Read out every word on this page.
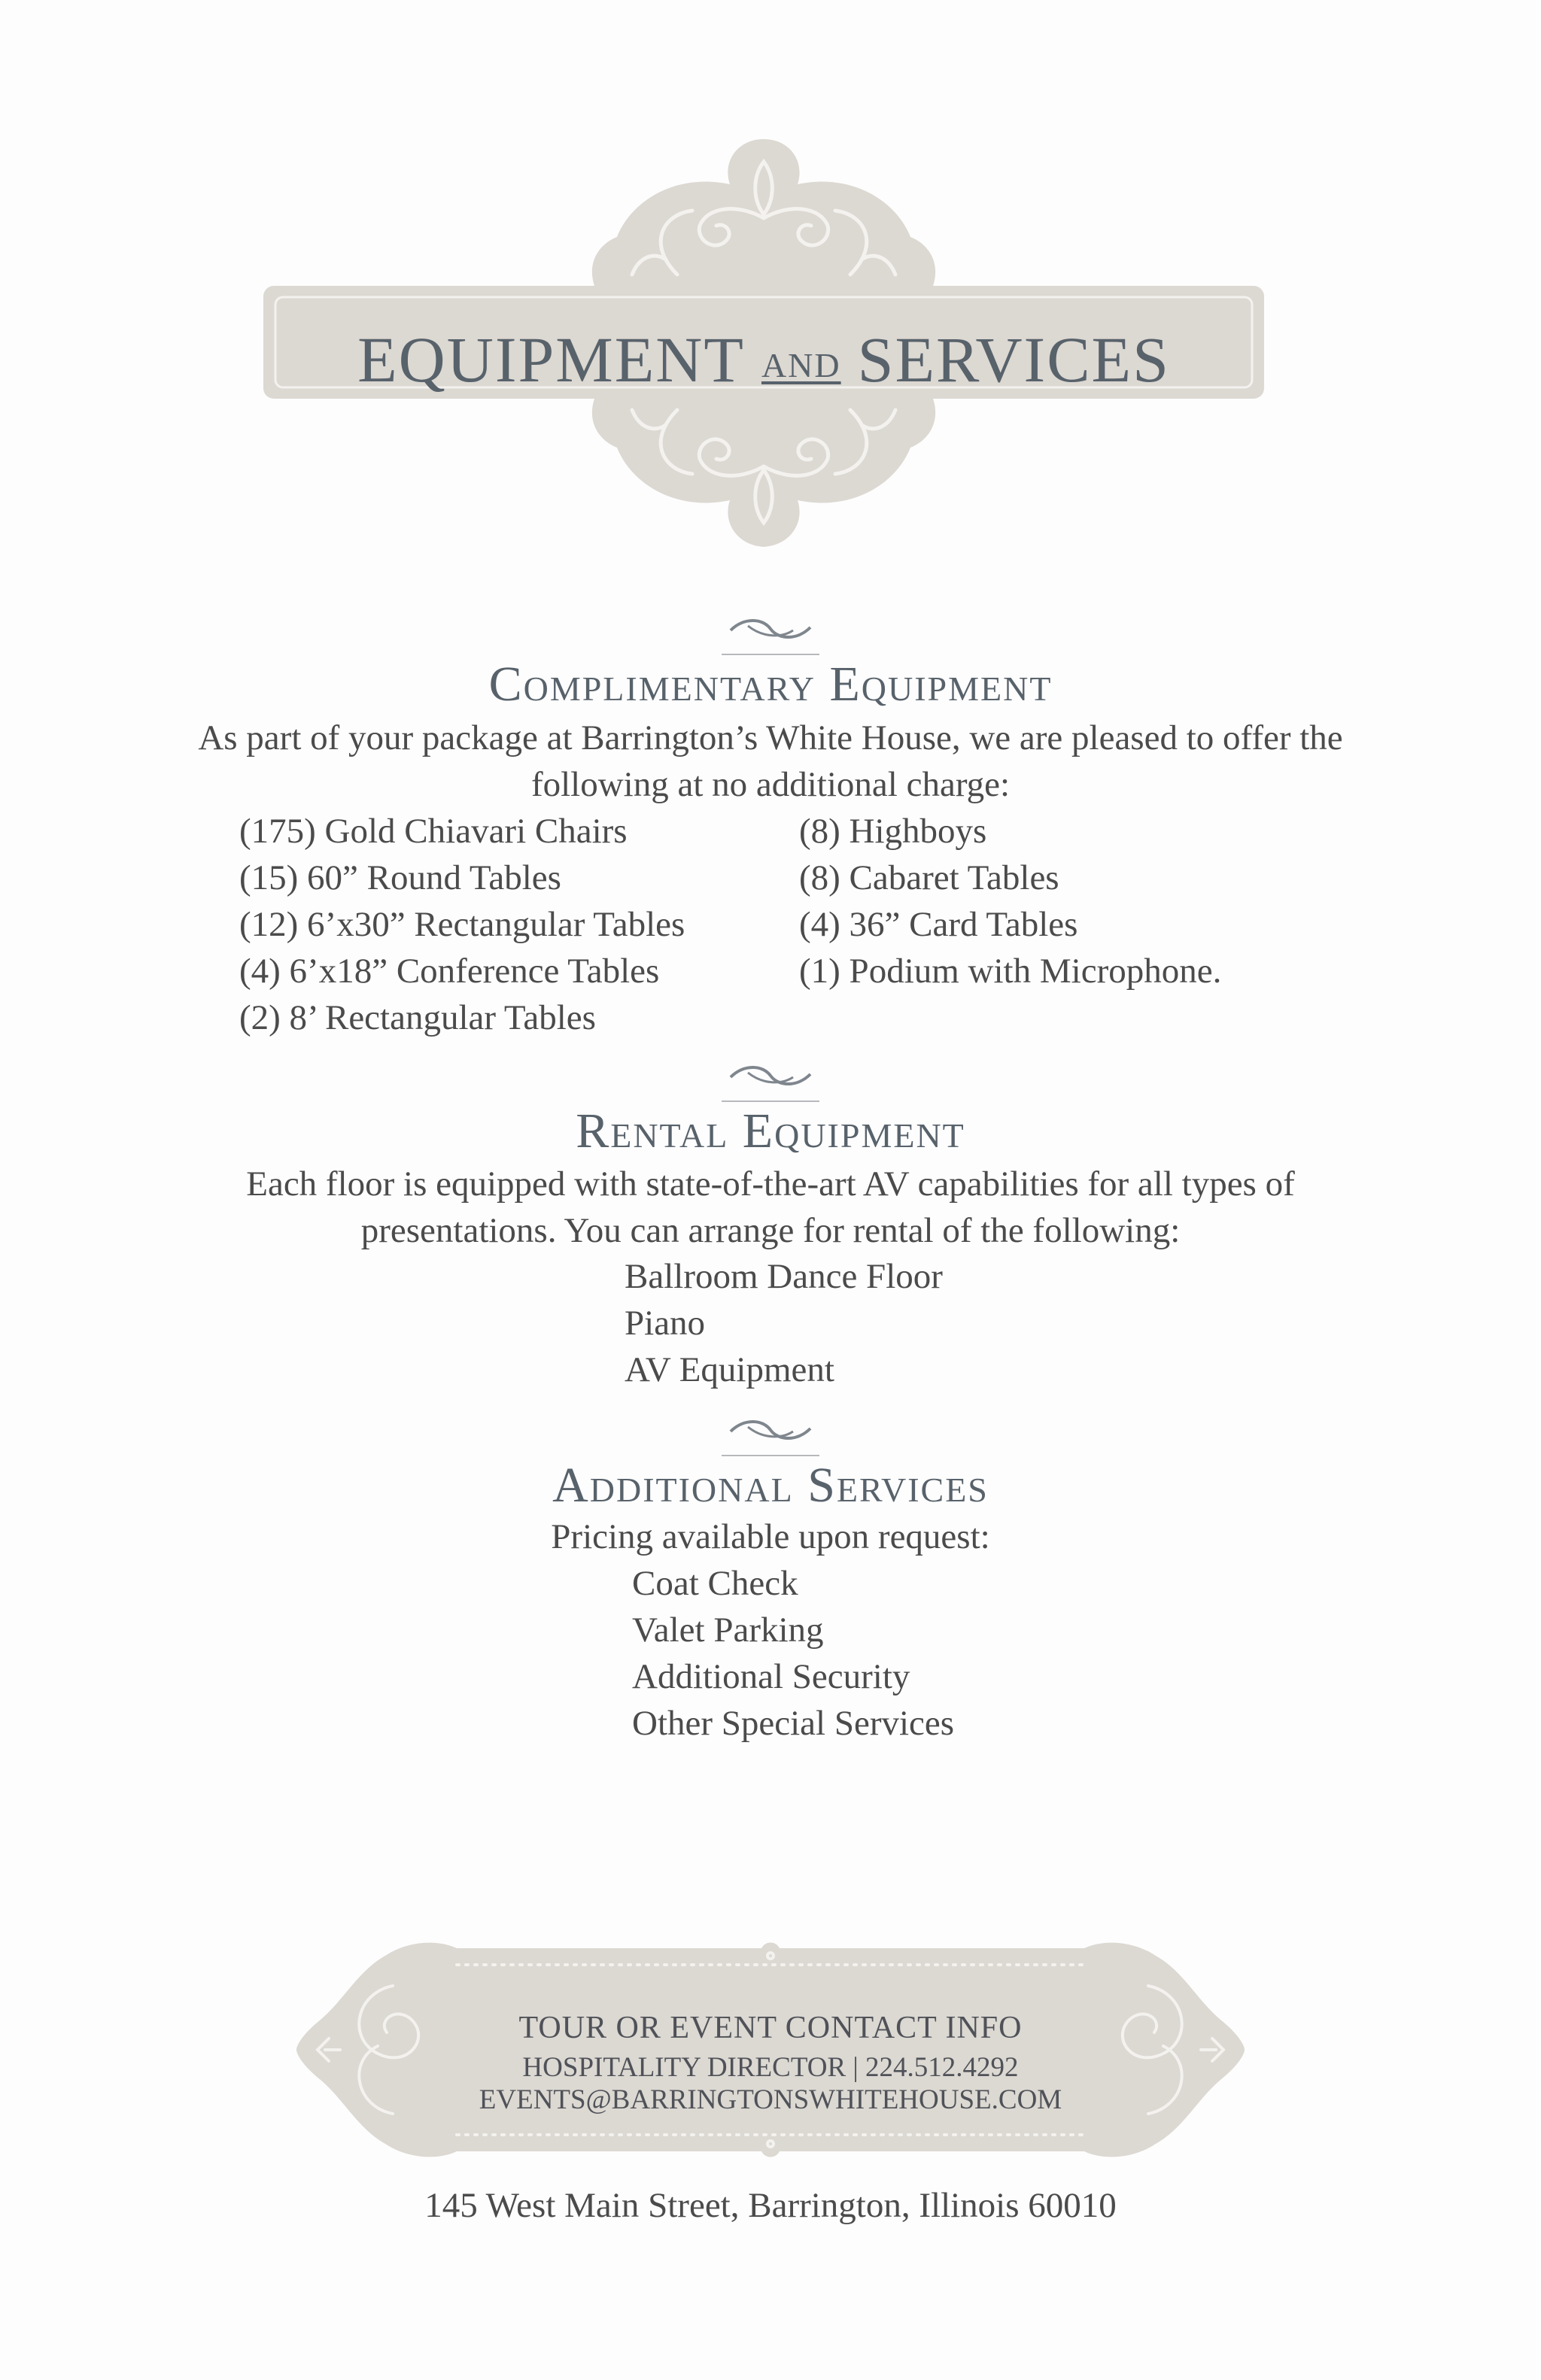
EQUIPMENT AND SERVICES
Complimentary Equipment
As part of your package at Barrington’s White House, we are pleased to offer the
following at no additional charge:
(175) Gold Chiavari Chairs
(15) 60” Round Tables
(12) 6’x30” Rectangular Tables
(4) 6’x18” Conference Tables
(2) 8’ Rectangular Tables
(8) Highboys
(8) Cabaret Tables
(4) 36” Card Tables
(1) Podium with Microphone.
Rental Equipment
Each floor is equipped with state-of-the-art AV capabilities for all types of
presentations. You can arrange for rental of the following:
Ballroom Dance Floor
Piano
AV Equipment
Additional Services
Pricing available upon request:
Coat Check
Valet Parking
Additional Security
Other Special Services
TOUR OR EVENT CONTACT INFO
HOSPITALITY DIRECTOR | 224.512.4292
EVENTS@BARRINGTONSWHITEHOUSE.COM
145 West Main Street, Barrington, Illinois 60010
